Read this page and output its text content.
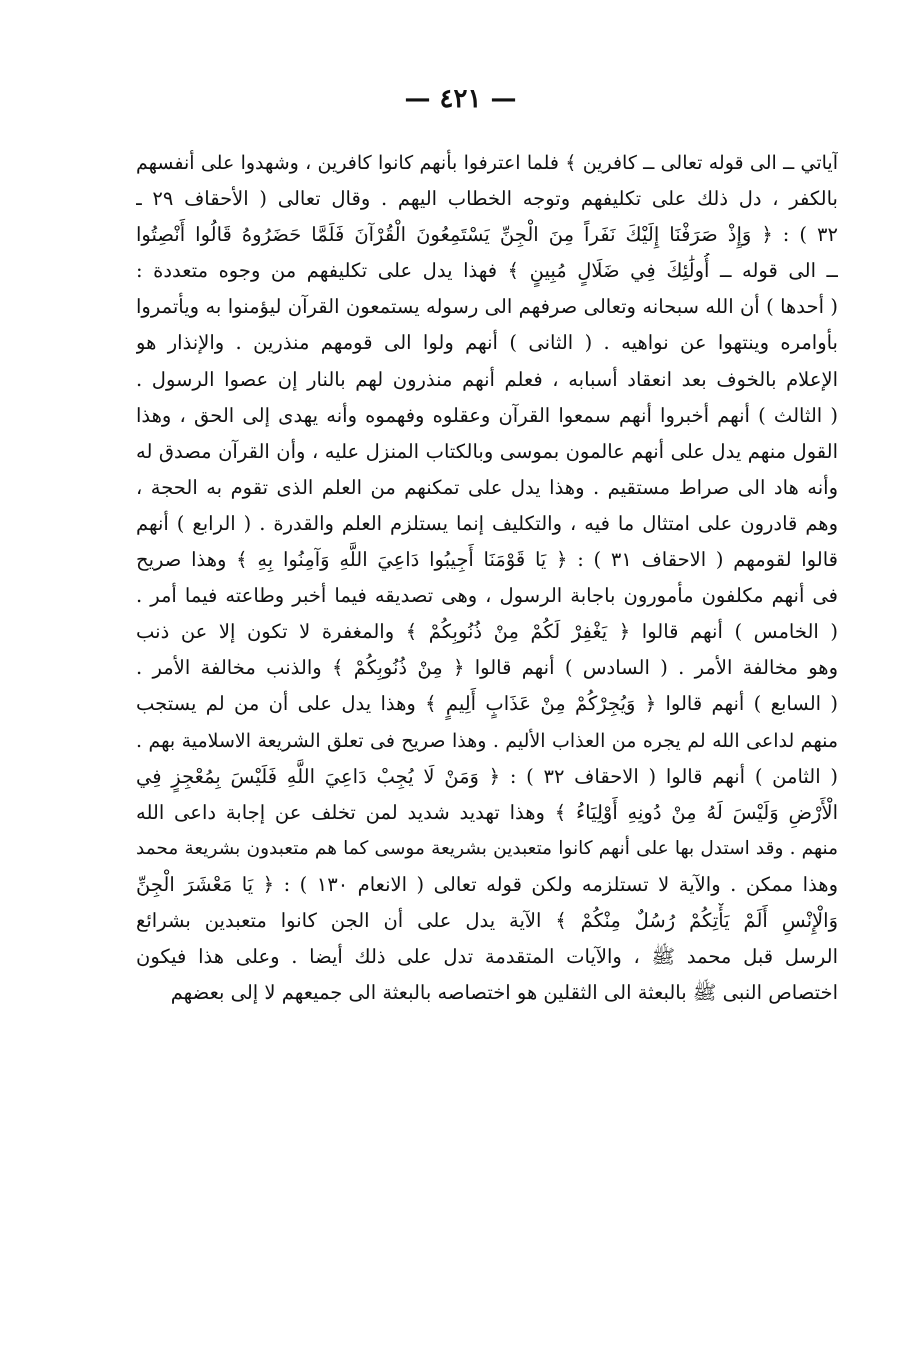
— ٤٢١ —
آياتي ــ الى قوله تعالى ــ كافرين ﴾ فلما اعترفوا بأنهم كانوا كافرين ، وشهدوا على أنفسهم
بالكفر ، دل ذلك على تكليفهم وتوجه الخطاب اليهم . وقال تعالى ( الأحقاف ٢٩ ـ
٣٢ ) : ﴿ وَإِذْ صَرَفْنَا إِلَيْكَ نَفَراً مِنَ الْجِنِّ يَسْتَمِعُونَ الْقُرْآنَ فَلَمَّا حَضَرُوهُ قَالُوا أَنْصِتُوا
ــ الى قوله ــ أُولَٰئِكَ فِي ضَلَالٍ مُبِينٍ ﴾ فهذا يدل على تكليفهم من وجوه متعددة :
( أحدها ) أن الله سبحانه وتعالى صرفهم الى رسوله يستمعون القرآن ليؤمنوا به ويأتمروا
بأوامره وينتهوا عن نواهيه . ( الثانى ) أنهم ولوا الى قومهم منذرين . والإنذار هو
الإعلام بالخوف بعد انعقاد أسبابه ، فعلم أنهم منذرون لهم بالنار إن عصوا الرسول .
( الثالث ) أنهم أخبروا أنهم سمعوا القرآن وعقلوه وفهموه وأنه يهدى إلى الحق ، وهذا
القول منهم يدل على أنهم عالمون بموسى وبالكتاب المنزل عليه ، وأن القرآن مصدق له
وأنه هاد الى صراط مستقيم . وهذا يدل على تمكنهم من العلم الذى تقوم به الحجة ،
وهم قادرون على امتثال ما فيه ، والتكليف إنما يستلزم العلم والقدرة . ( الرابع ) أنهم
قالوا لقومهم ( الاحقاف ٣١ ) : ﴿ يَا قَوْمَنَا أَجِيبُوا دَاعِيَ اللَّهِ وَآمِنُوا بِهِ ﴾ وهذا صريح
فى أنهم مكلفون مأمورون باجابة الرسول ، وهى تصديقه فيما أخبر وطاعته فيما أمر .
( الخامس ) أنهم قالوا ﴿ يَغْفِرْ لَكُمْ مِنْ ذُنُوبِكُمْ ﴾ والمغفرة لا تكون إلا عن ذنب
وهو مخالفة الأمر . ( السادس ) أنهم قالوا ﴿ مِنْ ذُنُوبِكُمْ ﴾ والذنب مخالفة الأمر .
( السابع ) أنهم قالوا ﴿ وَيُجِرْكُمْ مِنْ عَذَابٍ أَلِيمٍ ﴾ وهذا يدل على أن من لم يستجب
منهم لداعى الله لم يجره من العذاب الأليم . وهذا صريح فى تعلق الشريعة الاسلامية بهم .
( الثامن ) أنهم قالوا ( الاحقاف ٣٢ ) : ﴿ وَمَنْ لَا يُجِبْ دَاعِيَ اللَّهِ فَلَيْسَ بِمُعْجِزٍ فِي
الْأَرْضِ وَلَيْسَ لَهُ مِنْ دُونِهِ أَوْلِيَاءُ ﴾ وهذا تهديد شديد لمن تخلف عن إجابة داعى الله
منهم . وقد استدل بها على أنهم كانوا متعبدين بشريعة موسى كما هم متعبدون بشريعة محمد
وهذا ممكن . والآية لا تستلزمه ولكن قوله تعالى ( الانعام ١٣٠ ) : ﴿ يَا مَعْشَرَ الْجِنِّ
وَالْإِنْسِ أَلَمْ يَأْتِكُمْ رُسُلٌ مِنْكُمْ ﴾ الآية يدل على أن الجن كانوا متعبدين بشرائع
الرسل قبل محمد ﷺ ، والآيات المتقدمة تدل على ذلك أيضا . وعلى هذا فيكون
اختصاص النبى ﷺ بالبعثة الى الثقلين هو اختصاصه بالبعثة الى جميعهم لا إلى بعضهم
